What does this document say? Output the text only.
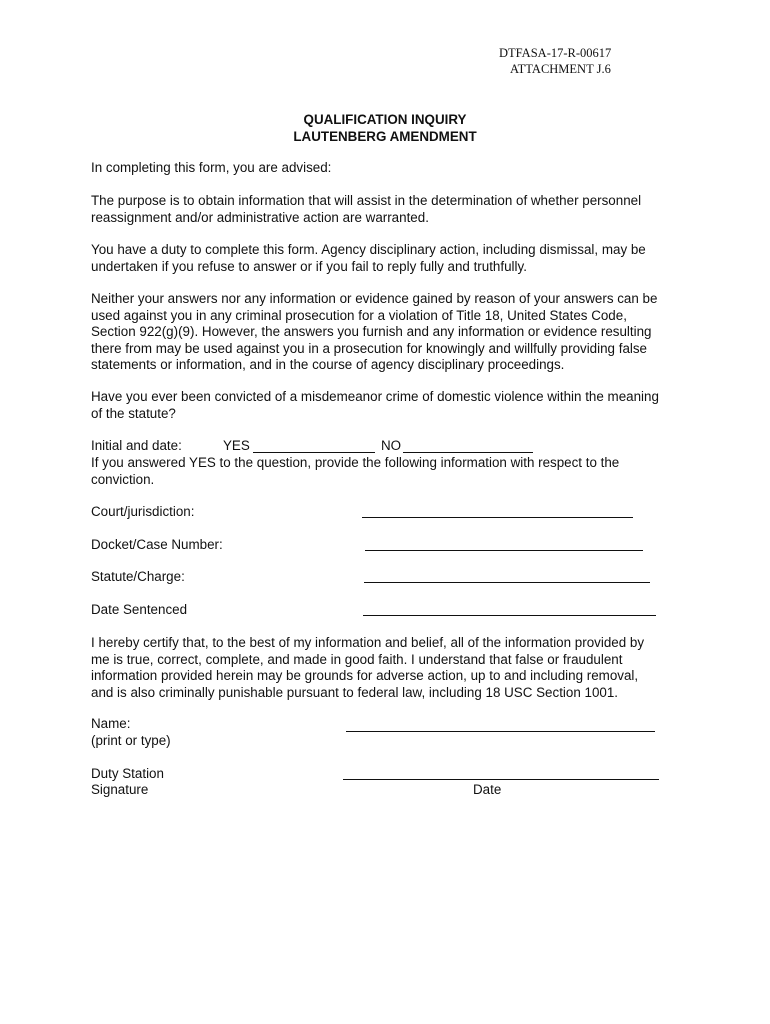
DTFASA-17-R-00617
ATTACHMENT J.6
QUALIFICATION INQUIRY
LAUTENBERG AMENDMENT
In completing this form, you are advised:
The purpose is to obtain information that will assist in the determination of whether personnel
reassignment and/or administrative action are warranted.
You have a duty to complete this form. Agency disciplinary action, including dismissal, may be
undertaken if you refuse to answer or if you fail to reply fully and truthfully.
Neither your answers nor any information or evidence gained by reason of your answers can be
used against you in any criminal prosecution for a violation of Title 18, United States Code,
Section 922(g)(9). However, the answers you furnish and any information or evidence resulting
there from may be used against you in a prosecution for knowingly and willfully providing false
statements or information, and in the course of agency disciplinary proceedings.
Have you ever been convicted of a misdemeanor crime of domestic violence within the meaning
of the statute?
Initial and date:	YES	NO
If you answered YES to the question, provide the following information with respect to the
conviction.
Court/jurisdiction:
Docket/Case Number:
Statute/Charge:
Date Sentenced
I hereby certify that, to the best of my information and belief, all of the information provided by
me is true, correct, complete, and made in good faith. I understand that false or fraudulent
information provided herein may be grounds for adverse action, up to and including removal,
and is also criminally punishable pursuant to federal law, including 18 USC Section 1001.
Name:
(print or type)
Duty Station
Signature	Date
